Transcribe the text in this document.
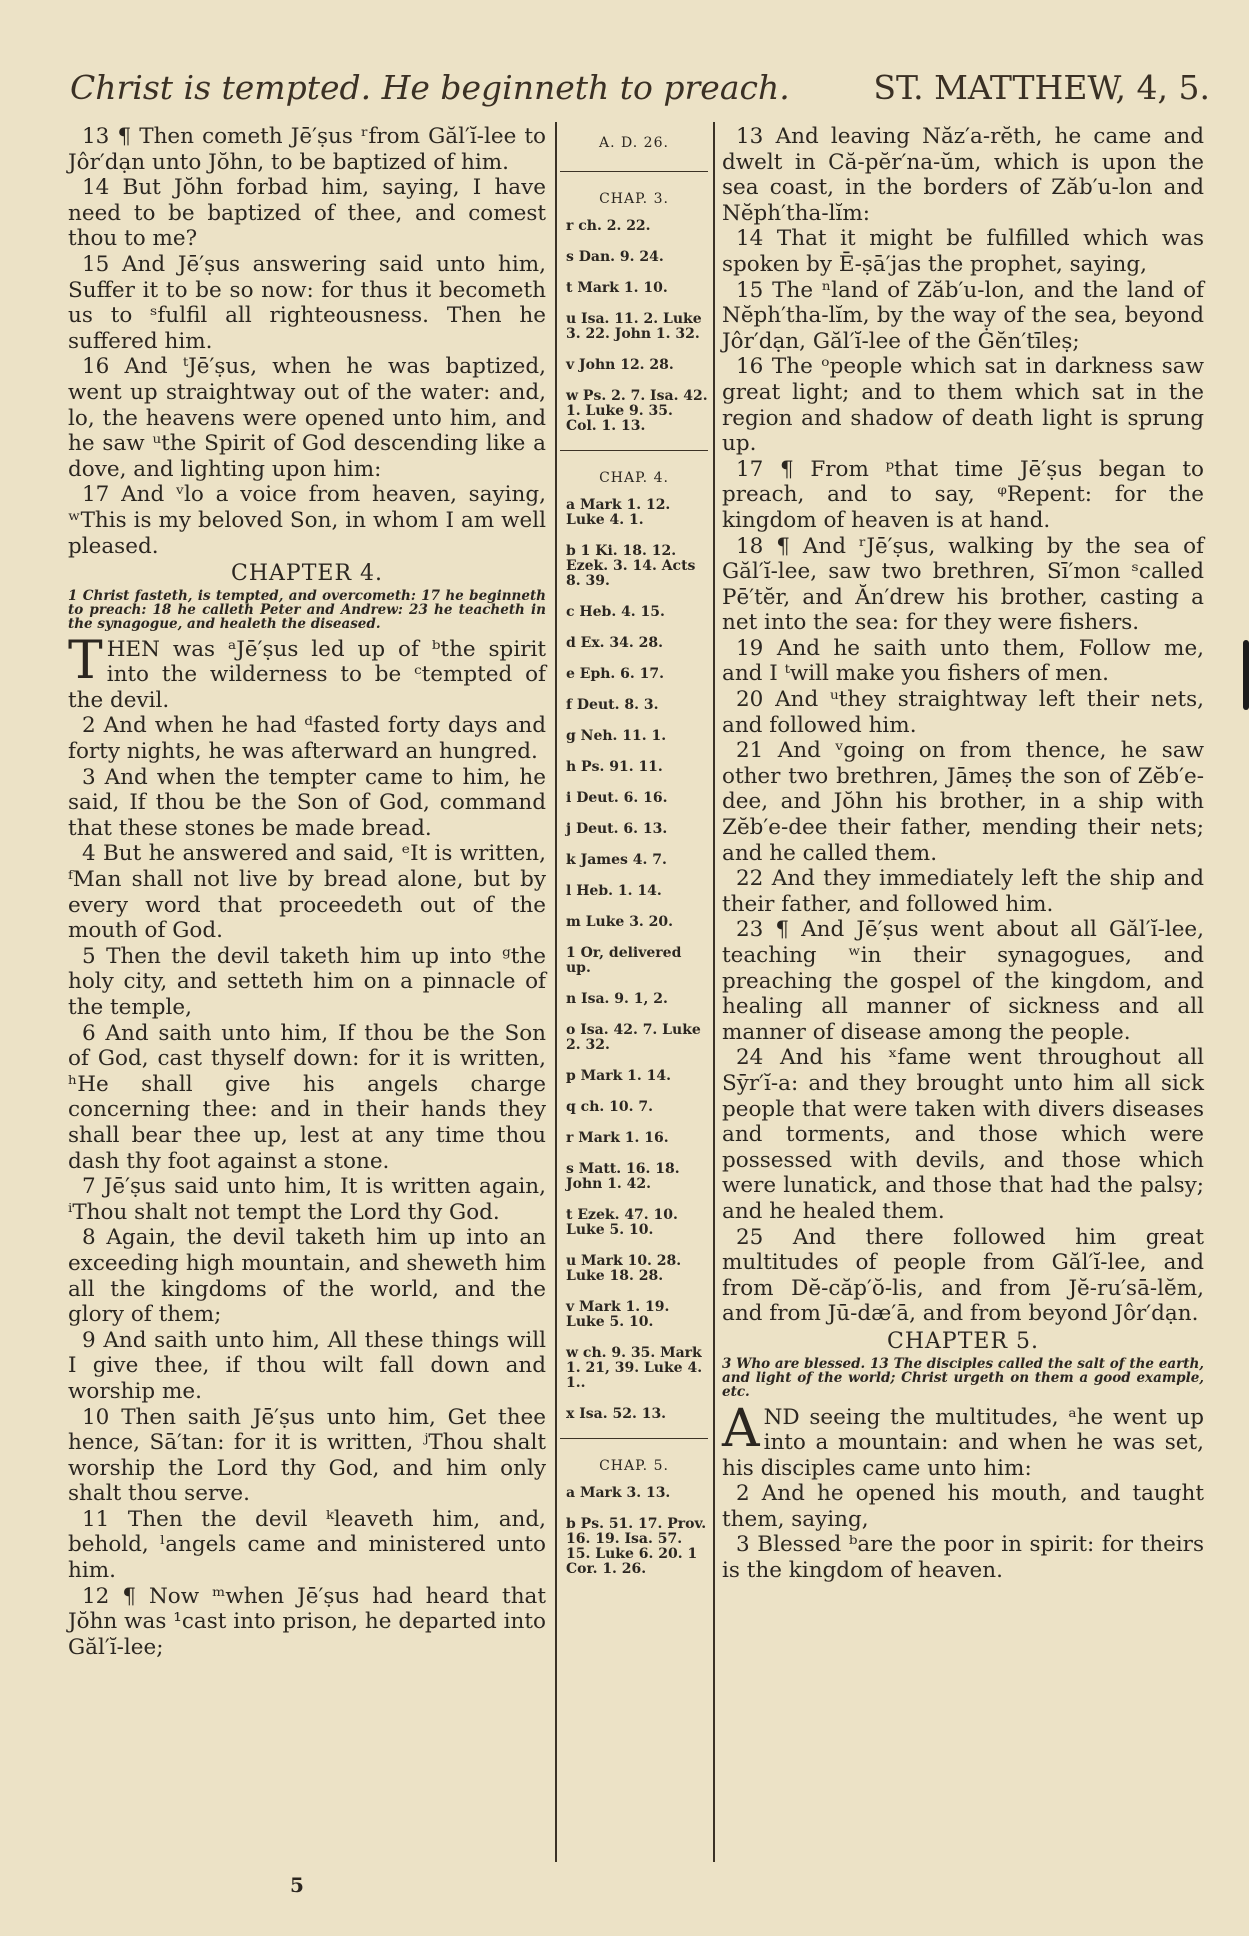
Christ is tempted. He beginneth to preach.	ST. MATTHEW, 4, 5.

13 ¶ Then cometh Jē′ṣus ʳfrom Găl′ĭ-lee to Jôr′dạn unto Jŏhn, to be baptized of him.

14 But Jŏhn forbad him, saying, I have need to be baptized of thee, and comest thou to me?

15 And Jē′ṣus answering said unto him, Suffer it to be so now: for thus it becometh us to ˢfulfil all righteousness. Then he suffered him.

16 And ᵗJē′ṣus, when he was baptized, went up straightway out of the water: and, lo, the heavens were opened unto him, and he saw ᵘthe Spirit of God descending like a dove, and lighting upon him:

17 And ᵛlo a voice from heaven, saying, ʷThis is my beloved Son, in whom I am well pleased.

CHAPTER 4.

1 Christ fasteth, is tempted, and overcometh: 17 he beginneth to preach: 18 he calleth Peter and Andrew: 23 he teacheth in the synagogue, and healeth the diseased.

THEN was ᵃJē′ṣus led up of ᵇthe spirit into the wilderness to be ᶜtempted of the devil.

2 And when he had ᵈfasted forty days and forty nights, he was afterward an hungred.

3 And when the tempter came to him, he said, If thou be the Son of God, command that these stones be made bread.

4 But he answered and said, ᵉIt is written, ᶠMan shall not live by bread alone, but by every word that proceedeth out of the mouth of God.

5 Then the devil taketh him up into ᵍthe holy city, and setteth him on a pinnacle of the temple,

6 And saith unto him, If thou be the Son of God, cast thyself down: for it is written, ʰHe shall give his angels charge concerning thee: and in their hands they shall bear thee up, lest at any time thou dash thy foot against a stone.

7 Jē′ṣus said unto him, It is written again, ⁱThou shalt not tempt the Lord thy God.

8 Again, the devil taketh him up into an exceeding high mountain, and sheweth him all the kingdoms of the world, and the glory of them;

9 And saith unto him, All these things will I give thee, if thou wilt fall down and worship me.

10 Then saith Jē′ṣus unto him, Get thee hence, Sā′tan: for it is written, ʲThou shalt worship the Lord thy God, and him only shalt thou serve.

11 Then the devil ᵏleaveth him, and, behold, ˡangels came and ministered unto him.

12 ¶ Now ᵐwhen Jē′ṣus had heard that Jŏhn was ¹cast into prison, he departed into Găl′ĭ-lee;

A. D. 26.
CHAP. 3.
r ch. 2. 22.
s Dan. 9. 24.
t Mark 1. 10.
u Isa. 11. 2. Luke 3. 22. John 1. 32.
v John 12. 28.
w Ps. 2. 7. Isa. 42. 1. Luke 9. 35. Col. 1. 13.
CHAP. 4.
a Mark 1. 12. Luke 4. 1.
b 1 Ki. 18. 12. Ezek. 3. 14. Acts 8. 39.
c Heb. 4. 15.
d Ex. 34. 28.
e Eph. 6. 17.
f Deut. 8. 3.
g Neh. 11. 1.
h Ps. 91. 11.
i Deut. 6. 16.
j Deut. 6. 13.
k James 4. 7.
l Heb. 1. 14.
m Luke 3. 20.
1 Or, delivered up.
n Isa. 9. 1, 2.
o Isa. 42. 7. Luke 2. 32.
p Mark 1. 14.
q ch. 10. 7.
r Mark 1. 16.
s Matt. 16. 18. John 1. 42.
t Ezek. 47. 10. Luke 5. 10.
u Mark 10. 28. Luke 18. 28.
v Mark 1. 19. Luke 5. 10.
w ch. 9. 35. Mark 1. 21, 39. Luke 4. 1..
x Isa. 52. 13.
CHAP. 5.
a Mark 3. 13.
b Ps. 51. 17. Prov. 16. 19. Isa. 57. 15. Luke 6. 20. 1 Cor. 1. 26.

13 And leaving Năz′a-rĕth, he came and dwelt in Că-pĕr′na-ŭm, which is upon the sea coast, in the borders of Zăb′u-lon and Nĕph′tha-lĭm:

14 That it might be fulfilled which was spoken by Ē-ṣā′jas the prophet, saying,

15 The ⁿland of Zăb′u-lon, and the land of Nĕph′tha-lĭm, by the way of the sea, beyond Jôr′dạn, Găl′ĭ-lee of the Ġĕn′tīleṣ;

16 The ᵒpeople which sat in darkness saw great light; and to them which sat in the region and shadow of death light is sprung up.

17 ¶ From ᵖthat time Jē′ṣus began to preach, and to say, ᵠRepent: for the kingdom of heaven is at hand.

18 ¶ And ʳJē′ṣus, walking by the sea of Găl′ĭ-lee, saw two brethren, Sī′mon ˢcalled Pē′tĕr, and Ăn′drew his brother, casting a net into the sea: for they were fishers.

19 And he saith unto them, Follow me, and I ᵗwill make you fishers of men.

20 And ᵘthey straightway left their nets, and followed him.

21 And ᵛgoing on from thence, he saw other two brethren, Jāmeṣ the son of Zĕb′e-dee, and Jŏhn his brother, in a ship with Zĕb′e-dee their father, mending their nets; and he called them.

22 And they immediately left the ship and their father, and followed him.

23 ¶ And Jē′ṣus went about all Găl′ĭ-lee, teaching ʷin their synagogues, and preaching the gospel of the kingdom, and healing all manner of sickness and all manner of disease among the people.

24 And his ˣfame went throughout all Sȳr′ĭ-a: and they brought unto him all sick people that were taken with divers diseases and torments, and those which were possessed with devils, and those which were lunatick, and those that had the palsy; and he healed them.

25 And there followed him great multitudes of people from Găl′ĭ-lee, and from Dĕ-căp′ŏ-lis, and from Jĕ-ru′sā-lĕm, and from Jū-dæ′ā, and from beyond Jôr′dạn.

CHAPTER 5.

3 Who are blessed. 13 The disciples called the salt of the earth, and light of the world; Christ urgeth on them a good example, etc.

AND seeing the multitudes, ᵃhe went up into a mountain: and when he was set, his disciples came unto him:

2 And he opened his mouth, and taught them, saying,

3 Blessed ᵇare the poor in spirit: for theirs is the kingdom of heaven.

5
